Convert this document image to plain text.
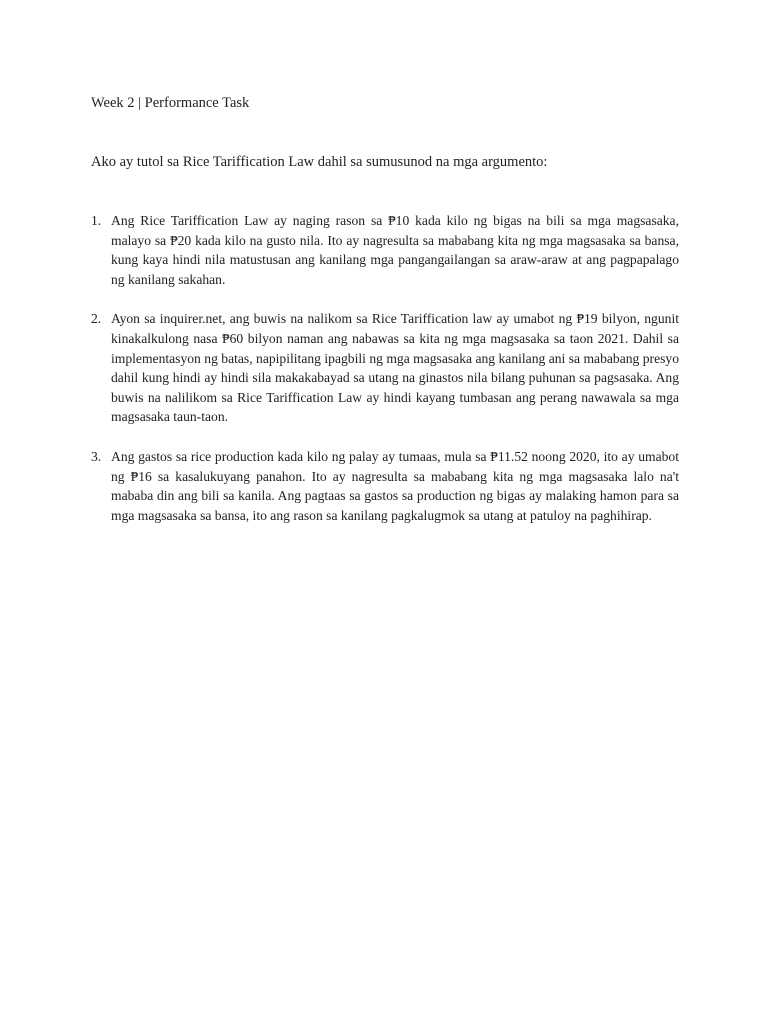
Week 2 | Performance Task
Ako ay tutol sa Rice Tariffication Law dahil sa sumusunod na mga argumento:
1. Ang Rice Tariffication Law ay naging rason sa ₱10 kada kilo ng bigas na bili sa mga magsasaka, malayo sa ₱20 kada kilo na gusto nila. Ito ay nagresulta sa mababang kita ng mga magsasaka sa bansa, kung kaya hindi nila matustusan ang kanilang mga pangangailangan sa araw-araw at ang pagpapalago ng kanilang sakahan.
2. Ayon sa inquirer.net, ang buwis na nalikom sa Rice Tariffication law ay umabot ng ₱19 bilyon, ngunit kinakalkulong nasa ₱60 bilyon naman ang nabawas sa kita ng mga magsasaka sa taon 2021. Dahil sa implementasyon ng batas, napipilitang ipagbili ng mga magsasaka ang kanilang ani sa mababang presyo dahil kung hindi ay hindi sila makakabayad sa utang na ginastos nila bilang puhunan sa pagsasaka. Ang buwis na nalilikom sa Rice Tariffication Law ay hindi kayang tumbasan ang perang nawawala sa mga magsasaka taun-taon.
3. Ang gastos sa rice production kada kilo ng palay ay tumaas, mula sa ₱11.52 noong 2020, ito ay umabot ng ₱16 sa kasalukuyang panahon. Ito ay nagresulta sa mababang kita ng mga magsasaka lalo na't mababa din ang bili sa kanila. Ang pagtaas sa gastos sa production ng bigas ay malaking hamon para sa mga magsasaka sa bansa, ito ang rason sa kanilang pagkalugmok sa utang at patuloy na paghihirap.
